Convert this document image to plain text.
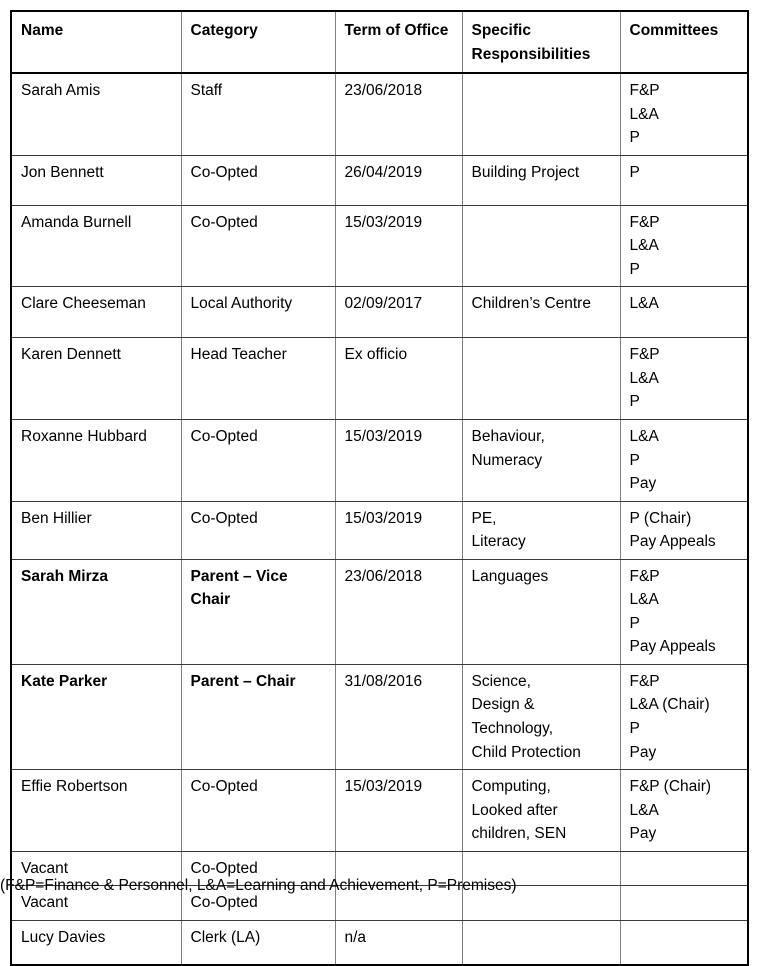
Name	Category	Term of Office	Specific Responsibilities	Committees

Sarah Amis	Staff	23/06/2018		F&P
L&A
P

Jon Bennett	Co-Opted	26/04/2019	Building Project	P

Amanda Burnell	Co-Opted	15/03/2019		F&P
L&A
P

Clare Cheeseman	Local Authority	02/09/2017	Children’s Centre	L&A

Karen Dennett	Head Teacher	Ex officio		F&P
L&A
P

Roxanne Hubbard	Co-Opted	15/03/2019	Behaviour,
Numeracy	L&A
P
Pay

Ben Hillier	Co-Opted	15/03/2019	PE,
Literacy	P (Chair)
Pay Appeals

Sarah Mirza	Parent – Vice Chair	23/06/2018	Languages	F&P
L&A
P
Pay Appeals

Kate Parker	Parent – Chair	31/08/2016	Science,
Design &
Technology,
Child Protection	F&P
L&A (Chair)
P
Pay

Effie Robertson	Co-Opted	15/03/2019	Computing,
Looked after
children, SEN	F&P (Chair)
L&A
Pay

Vacant	Co-Opted			

Vacant	Co-Opted			

Lucy Davies	Clerk (LA)	n/a		

(F&P=Finance & Personnel, L&A=Learning and Achievement, P=Premises)
